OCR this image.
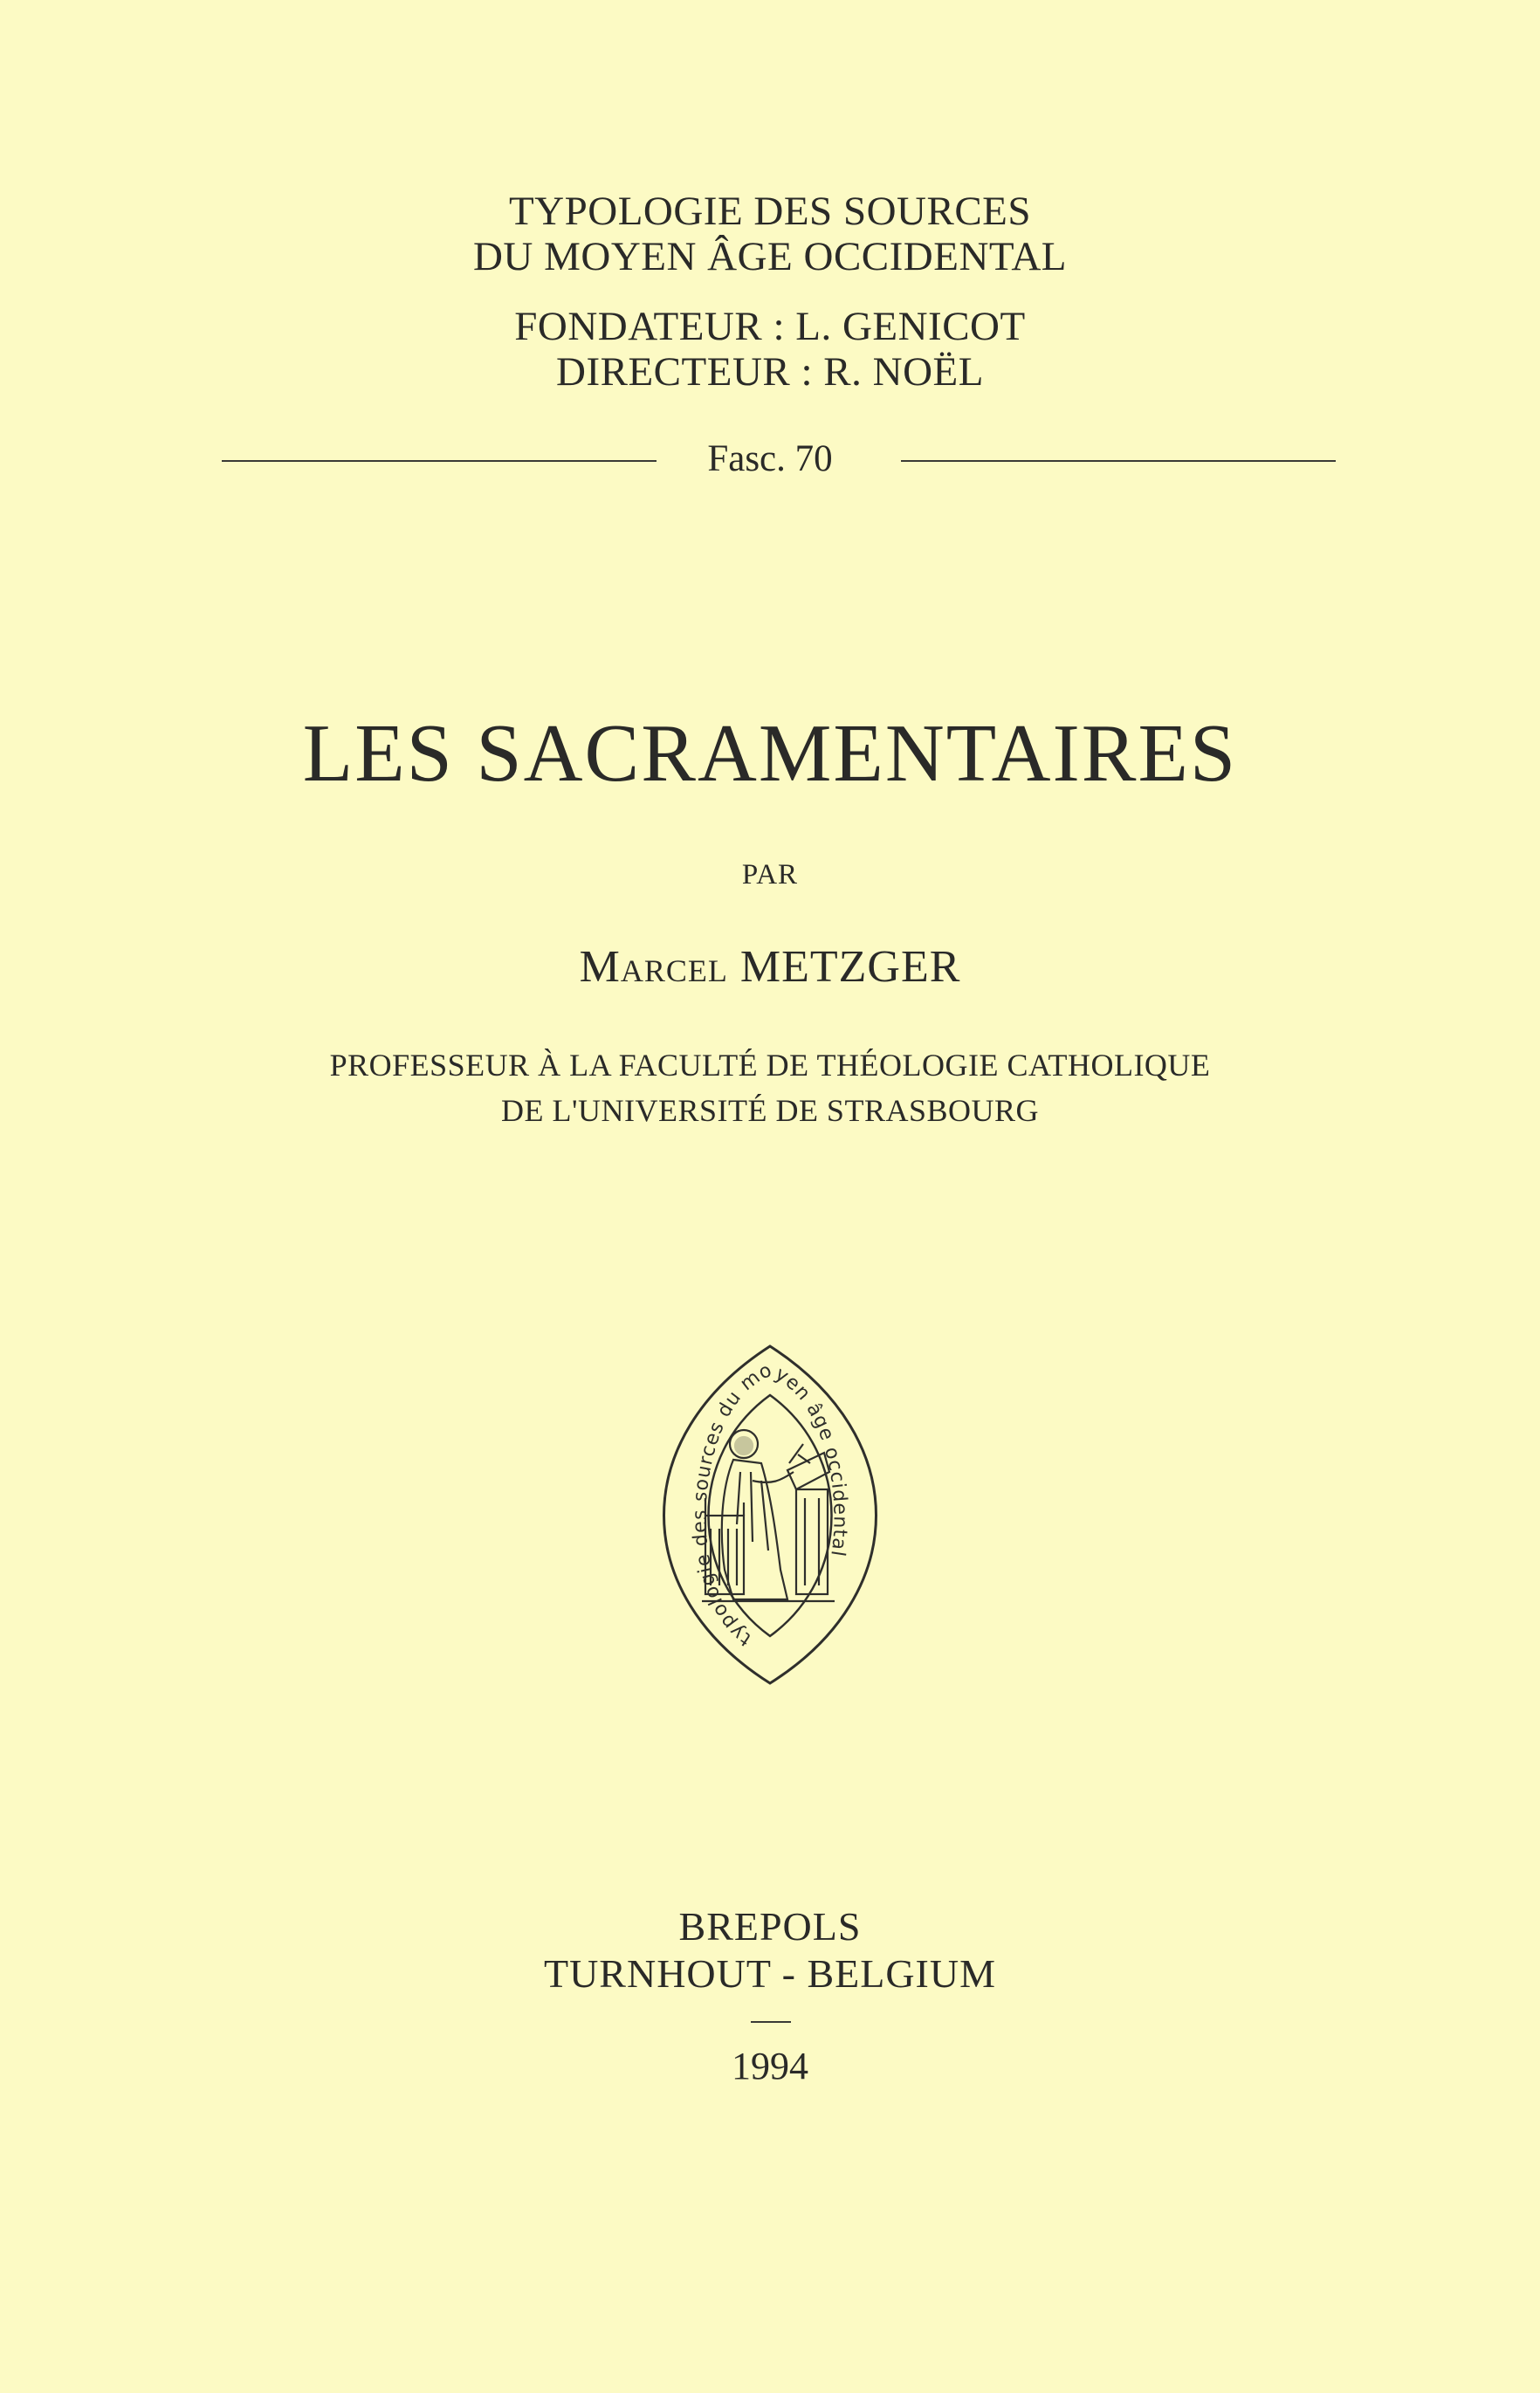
TYPOLOGIE DES SOURCES
DU MOYEN ÂGE OCCIDENTAL
FONDATEUR : L. GENICOT
DIRECTEUR : R. NOËL
Fasc. 70
LES SACRAMENTAIRES
PAR
Marcel METZGER
PROFESSEUR À LA FACULTÉ DE THÉOLOGIE CATHOLIQUE
DE L'UNIVERSITÉ DE STRASBOURG
typologie des sources du moyen âge occidental
BREPOLS
TURNHOUT - BELGIUM
1994
